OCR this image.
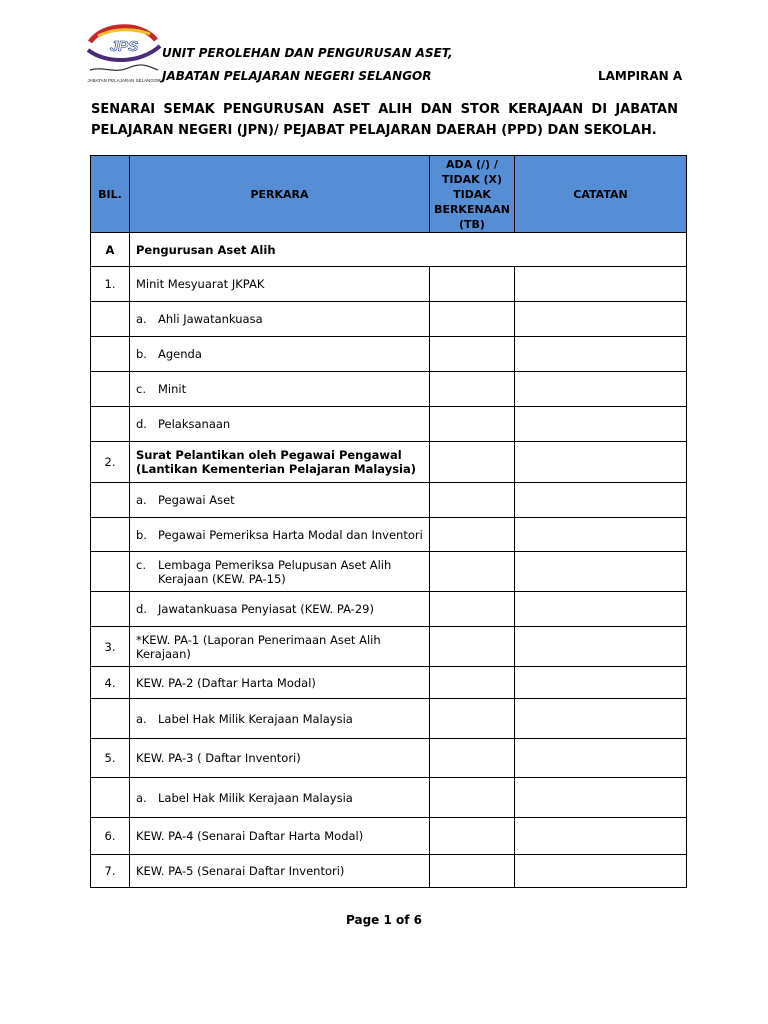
JPS
JABATAN PELAJARAN SELANGOR
UNIT PEROLEHAN DAN PENGURUSAN ASET,
JABATAN PELAJARAN NEGERI SELANGOR	LAMPIRAN A
SENARAI SEMAK PENGURUSAN ASET ALIH DAN STOR KERAJAAN DI JABATAN PELAJARAN NEGERI (JPN)/ PEJABAT PELAJARAN DAERAH (PPD) DAN SEKOLAH.
BIL.	PERKARA	ADA (/) / TIDAK (X) TIDAK BERKENAAN (TB)	CATATAN
A	Pengurusan Aset Alih		
1.	Minit Mesyuarat JKPAK		
	a. Ahli Jawatankuasa		
	b. Agenda		
	c. Minit		
	d. Pelaksanaan		
2.	Surat Pelantikan oleh Pegawai Pengawal (Lantikan Kementerian Pelajaran Malaysia)		
	a. Pegawai Aset		
	b. Pegawai Pemeriksa Harta Modal dan Inventori		

	c. Lembaga Pemeriksa Pelupusan Aset Alih Kerajaan (KEW. PA-15)		

	d. Jawatankuasa Penyiasat (KEW. PA-29)		
3.	*KEW. PA-1 (Laporan Penerimaan Aset Alih Kerajaan)		
4.	KEW. PA-2 (Daftar Harta Modal)		
	a. Label Hak Milik Kerajaan Malaysia		
5.	KEW. PA-3 ( Daftar Inventori)		
	a. Label Hak Milik Kerajaan Malaysia		
6.	KEW. PA-4 (Senarai Daftar Harta Modal)		
7.	KEW. PA-5 (Senarai Daftar Inventori)		
Page 1 of 6
